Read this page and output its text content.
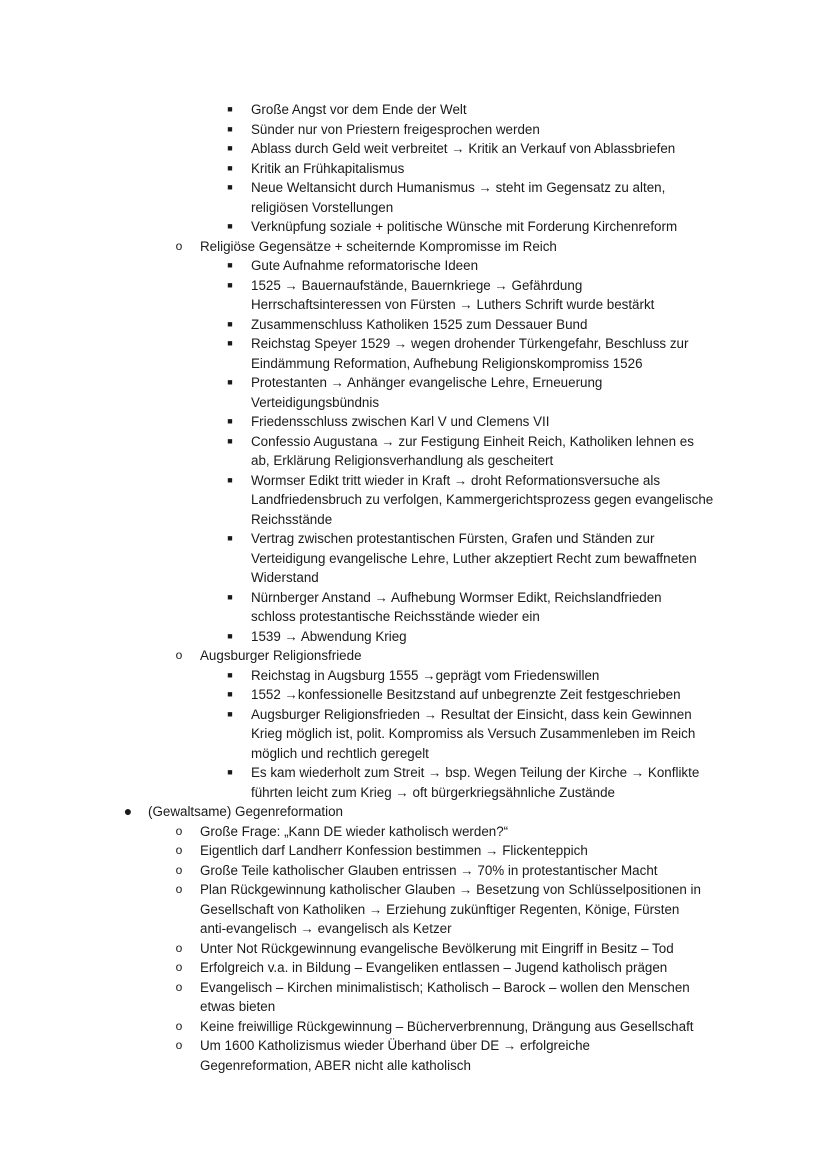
■	Große Angst vor dem Ende der Welt
■	Sünder nur von Priestern freigesprochen werden
■	Ablass durch Geld weit verbreitet → Kritik an Verkauf von Ablassbriefen
■	Kritik an Frühkapitalismus
■	Neue Weltansicht durch Humanismus → steht im Gegensatz zu alten,
religiösen Vorstellungen
■	Verknüpfung soziale + politische Wünsche mit Forderung Kirchenreform
o Religiöse Gegensätze + scheiternde Kompromisse im Reich
■	Gute Aufnahme reformatorische Ideen
■	1525 → Bauernaufstände, Bauernkriege → Gefährdung
Herrschaftsinteressen von Fürsten → Luthers Schrift wurde bestärkt
■	Zusammenschluss Katholiken 1525 zum Dessauer Bund
■	Reichstag Speyer 1529 → wegen drohender Türkengefahr, Beschluss zur
Eindämmung Reformation, Aufhebung Religionskompromiss 1526
■	Protestanten → Anhänger evangelische Lehre, Erneuerung
Verteidigungsbündnis
■	Friedensschluss zwischen Karl V und Clemens VII
■	Confessio Augustana → zur Festigung Einheit Reich, Katholiken lehnen es
ab, Erklärung Religionsverhandlung als gescheitert
■	Wormser Edikt tritt wieder in Kraft → droht Reformationsversuche als
Landfriedensbruch zu verfolgen, Kammergerichtsprozess gegen evangelische
Reichsstände
■	Vertrag zwischen protestantischen Fürsten, Grafen und Ständen zur
Verteidigung evangelische Lehre, Luther akzeptiert Recht zum bewaffneten
Widerstand
■	Nürnberger Anstand → Aufhebung Wormser Edikt, Reichslandfrieden
schloss protestantische Reichsstände wieder ein
■	1539 → Abwendung Krieg
o Augsburger Religionsfriede
■	Reichstag in Augsburg 1555 →geprägt vom Friedenswillen
■	1552 →konfessionelle Besitzstand auf unbegrenzte Zeit festgeschrieben
■	Augsburger Religionsfrieden → Resultat der Einsicht, dass kein Gewinnen
Krieg möglich ist, polit. Kompromiss als Versuch Zusammenleben im Reich
möglich und rechtlich geregelt
■	Es kam wiederholt zum Streit → bsp. Wegen Teilung der Kirche → Konflikte
führten leicht zum Krieg → oft bürgerkriegsähnliche Zustände
● (Gewaltsame) Gegenreformation
o Große Frage: „Kann DE wieder katholisch werden?“
o Eigentlich darf Landherr Konfession bestimmen → Flickenteppich
o Große Teile katholischer Glauben entrissen → 70% in protestantischer Macht
o Plan Rückgewinnung katholischer Glauben → Besetzung von Schlüsselpositionen in
Gesellschaft von Katholiken → Erziehung zukünftiger Regenten, Könige, Fürsten
anti-evangelisch → evangelisch als Ketzer
o Unter Not Rückgewinnung evangelische Bevölkerung mit Eingriff in Besitz – Tod
o Erfolgreich v.a. in Bildung – Evangeliken entlassen – Jugend katholisch prägen
o Evangelisch – Kirchen minimalistisch; Katholisch – Barock – wollen den Menschen
etwas bieten
o Keine freiwillige Rückgewinnung – Bücherverbrennung, Drängung aus Gesellschaft
o Um 1600 Katholizismus wieder Überhand über DE → erfolgreiche
Gegenreformation, ABER nicht alle katholisch
